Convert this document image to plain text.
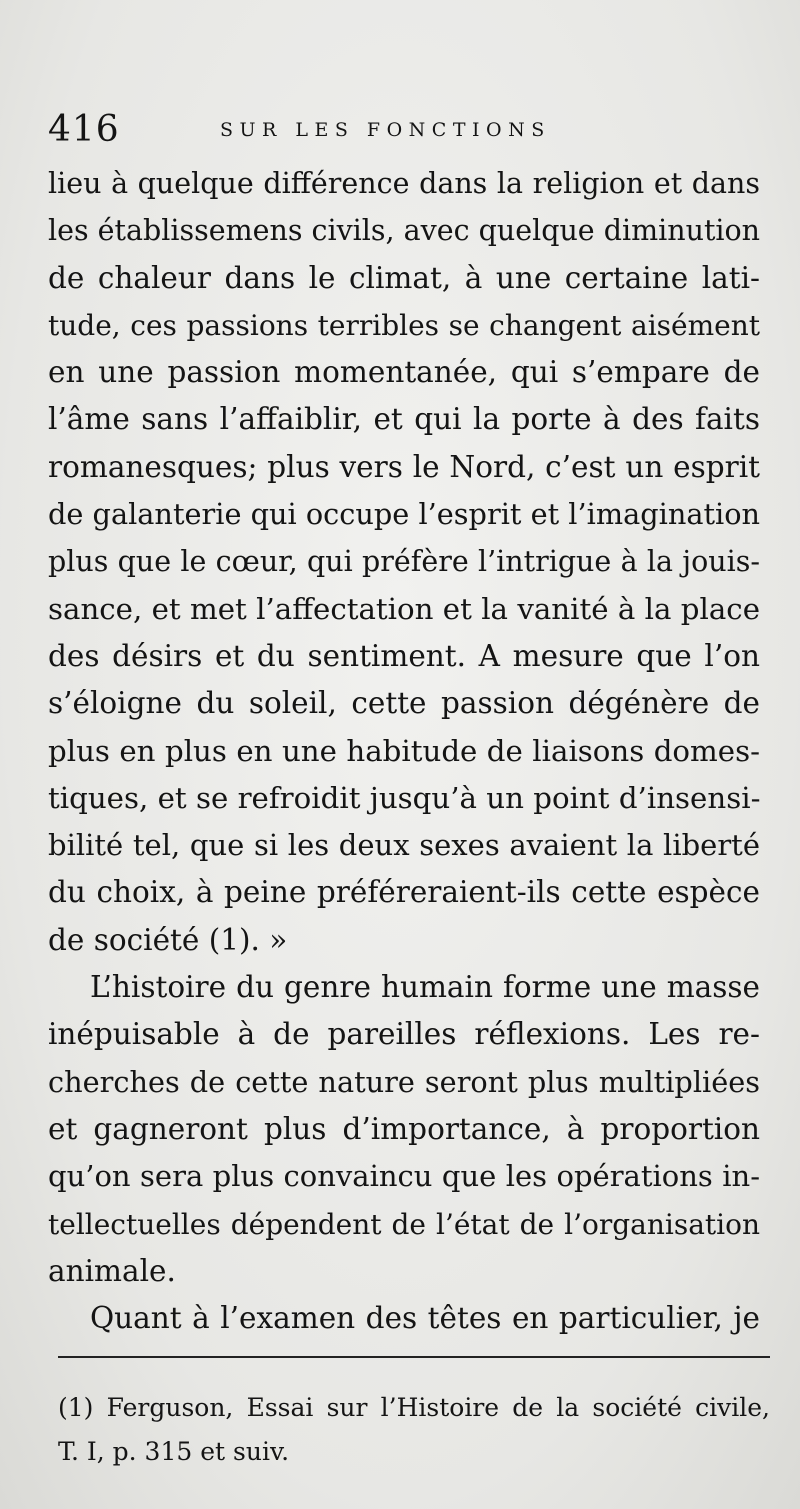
416	SUR LES FONCTIONS
lieu à quelque différence dans la religion et dans
les établissemens civils, avec quelque diminution
de chaleur dans le climat, à une certaine lati-
tude, ces passions terribles se changent aisément
en une passion momentanée, qui s’empare de
l’âme sans l’affaiblir, et qui la porte à des faits
romanesques; plus vers le Nord, c’est un esprit
de galanterie qui occupe l’esprit et l’imagination
plus que le cœur, qui préfère l’intrigue à la jouis-
sance, et met l’affectation et la vanité à la place
des désirs et du sentiment. A mesure que l’on
s’éloigne du soleil, cette passion dégénère de
plus en plus en une habitude de liaisons domes-
tiques, et se refroidit jusqu’à un point d’insensi-
bilité tel, que si les deux sexes avaient la liberté
du choix, à peine préféreraient-ils cette espèce
de société (1). »
L’histoire du genre humain forme une masse
inépuisable à de pareilles réflexions. Les re-
cherches de cette nature seront plus multipliées
et gagneront plus d’importance, à proportion
qu’on sera plus convaincu que les opérations in-
tellectuelles dépendent de l’état de l’organisation
animale.
Quant à l’examen des têtes en particulier, je
(1) Ferguson, Essai sur l’Histoire de la société civile,
T. I, p. 315 et suiv.
